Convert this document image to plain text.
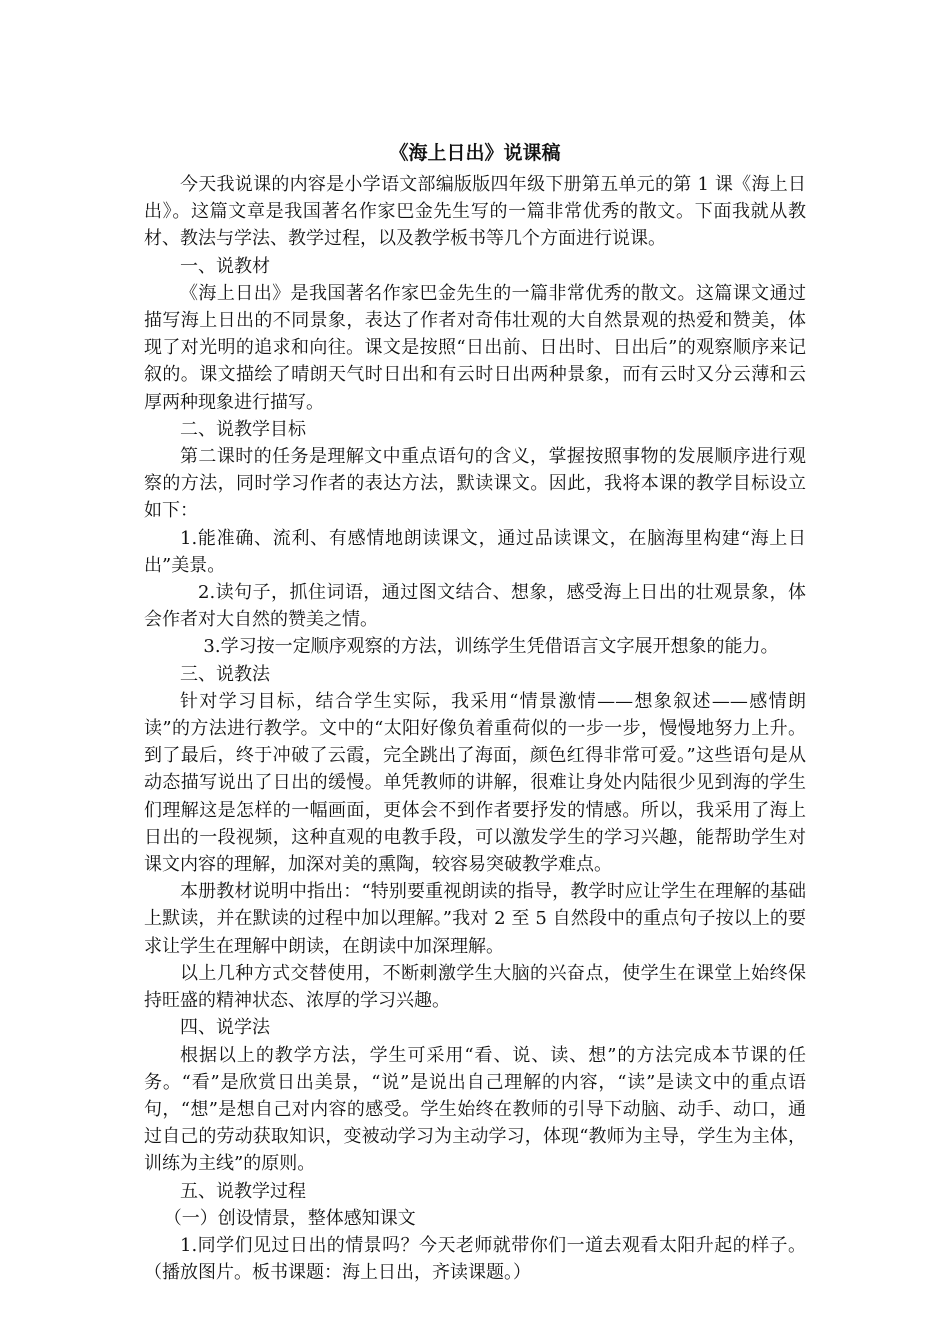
《海上日出》说课稿

今天我说课的内容是小学语文部编版版四年级下册第五单元的第 1 课《海上日出》。这篇文章是我国著名作家巴金先生写的一篇非常优秀的散文。下面我就从教材、教法与学法、教学过程，以及教学板书等几个方面进行说课。

一、说教材

《海上日出》是我国著名作家巴金先生的一篇非常优秀的散文。这篇课文通过描写海上日出的不同景象，表达了作者对奇伟壮观的大自然景观的热爱和赞美，体现了对光明的追求和向往。课文是按照“日出前、日出时、日出后”的观察顺序来记叙的。课文描绘了晴朗天气时日出和有云时日出两种景象，而有云时又分云薄和云厚两种现象进行描写。

二、说教学目标

第二课时的任务是理解文中重点语句的含义，掌握按照事物的发展顺序进行观察的方法，同时学习作者的表达方法，默读课文。因此，我将本课的教学目标设立如下：

1.能准确、流利、有感情地朗读课文，通过品读课文，在脑海里构建“海上日出”美景。

2.读句子，抓住词语，通过图文结合、想象，感受海上日出的壮观景象，体会作者对大自然的赞美之情。

3.学习按一定顺序观察的方法，训练学生凭借语言文字展开想象的能力。

三、说教法

针对学习目标，结合学生实际，我采用“情景激情——想象叙述——感情朗读”的方法进行教学。文中的“太阳好像负着重荷似的一步一步，慢慢地努力上升。到了最后，终于冲破了云霞，完全跳出了海面，颜色红得非常可爱。”这些语句是从动态描写说出了日出的缓慢。单凭教师的讲解，很难让身处内陆很少见到海的学生们理解这是怎样的一幅画面，更体会不到作者要抒发的情感。所以，我采用了海上日出的一段视频，这种直观的电教手段，可以激发学生的学习兴趣，能帮助学生对课文内容的理解，加深对美的熏陶，较容易突破教学难点。

本册教材说明中指出：“特别要重视朗读的指导，教学时应让学生在理解的基础上默读，并在默读的过程中加以理解。”我对 2 至 5 自然段中的重点句子按以上的要求让学生在理解中朗读，在朗读中加深理解。

以上几种方式交替使用，不断刺激学生大脑的兴奋点，使学生在课堂上始终保持旺盛的精神状态、浓厚的学习兴趣。

四、说学法

根据以上的教学方法，学生可采用“看、说、读、想”的方法完成本节课的任务。“看”是欣赏日出美景，“说”是说出自己理解的内容，“读”是读文中的重点语句，“想”是想自己对内容的感受。学生始终在教师的引导下动脑、动手、动口，通过自己的劳动获取知识，变被动学习为主动学习，体现“教师为主导，学生为主体，训练为主线”的原则。

五、说教学过程

（一）创设情景，整体感知课文

1.同学们见过日出的情景吗？今天老师就带你们一道去观看太阳升起的样子。（播放图片。板书课题：海上日出，齐读课题。）
